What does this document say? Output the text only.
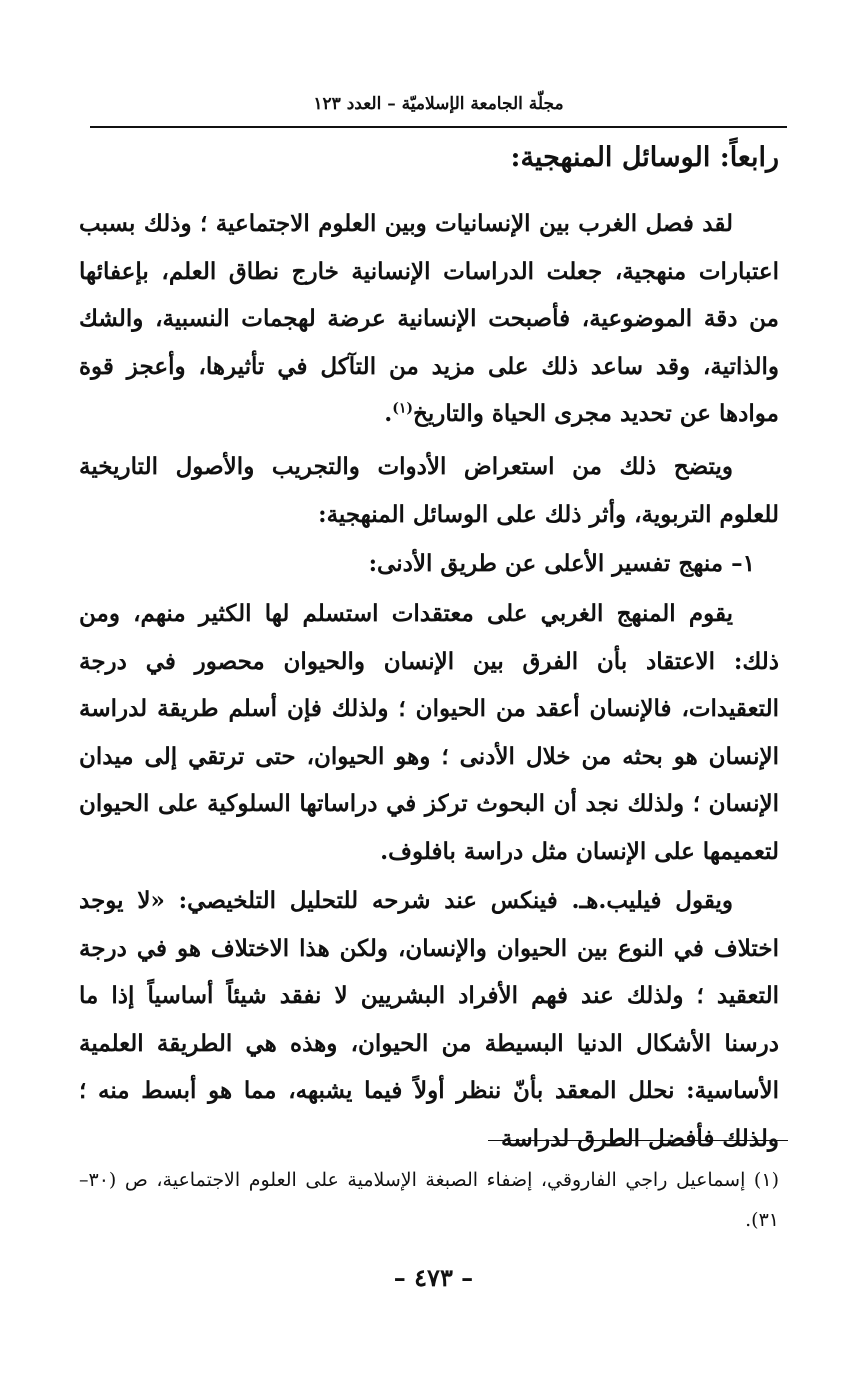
مجلّة الجامعة الإسلاميّة – العدد ١٢٣
رابعاً: الوسائل المنهجية:
لقد فصل الغرب بين الإنسانيات وبين العلوم الاجتماعية ؛ وذلك بسبب اعتبارات منهجية، جعلت الدراسات الإنسانية خارج نطاق العلم، بإعفائها من دقة الموضوعية، فأصبحت الإنسانية عرضة لهجمات النسبية، والشك والذاتية، وقد ساعد ذلك على مزيد من التآكل في تأثيرها، وأعجز قوة موادها عن تحديد مجرى الحياة والتاريخ$^{(١)}$.
ويتضح ذلك من استعراض الأدوات والتجريب والأصول التاريخية للعلوم التربوية، وأثر ذلك على الوسائل المنهجية:
١– منهج تفسير الأعلى عن طريق الأدنى:
يقوم المنهج الغربي على معتقدات استسلم لها الكثير منهم، ومن ذلك: الاعتقاد بأن الفرق بين الإنسان والحيوان محصور في درجة التعقيدات، فالإنسان أعقد من الحيوان ؛ ولذلك فإن أسلم طريقة لدراسة الإنسان هو بحثه من خلال الأدنى ؛ وهو الحيوان، حتى ترتقي إلى ميدان الإنسان ؛ ولذلك نجد أن البحوث تركز في دراساتها السلوكية على الحيوان لتعميمها على الإنسان مثل دراسة بافلوف.
ويقول فيليب.هـ. فينكس عند شرحه للتحليل التلخيصي: «لا يوجد اختلاف في النوع بين الحيوان والإنسان، ولكن هذا الاختلاف هو في درجة التعقيد ؛ ولذلك عند فهم الأفراد البشريين لا نفقد شيئاً أساسياً إذا ما درسنا الأشكال الدنيا البسيطة من الحيوان، وهذه هي الطريقة العلمية الأساسية: نحلل المعقد بأنّ ننظر أولاً فيما يشبهه، مما هو أبسط منه ؛ ولذلك فأفضل الطرق لدراسة
(١) إسماعيل راجي الفاروقي، إضفاء الصبغة الإسلامية على العلوم الاجتماعية، ص (٣٠–٣١).
– ٤٧٣ –
